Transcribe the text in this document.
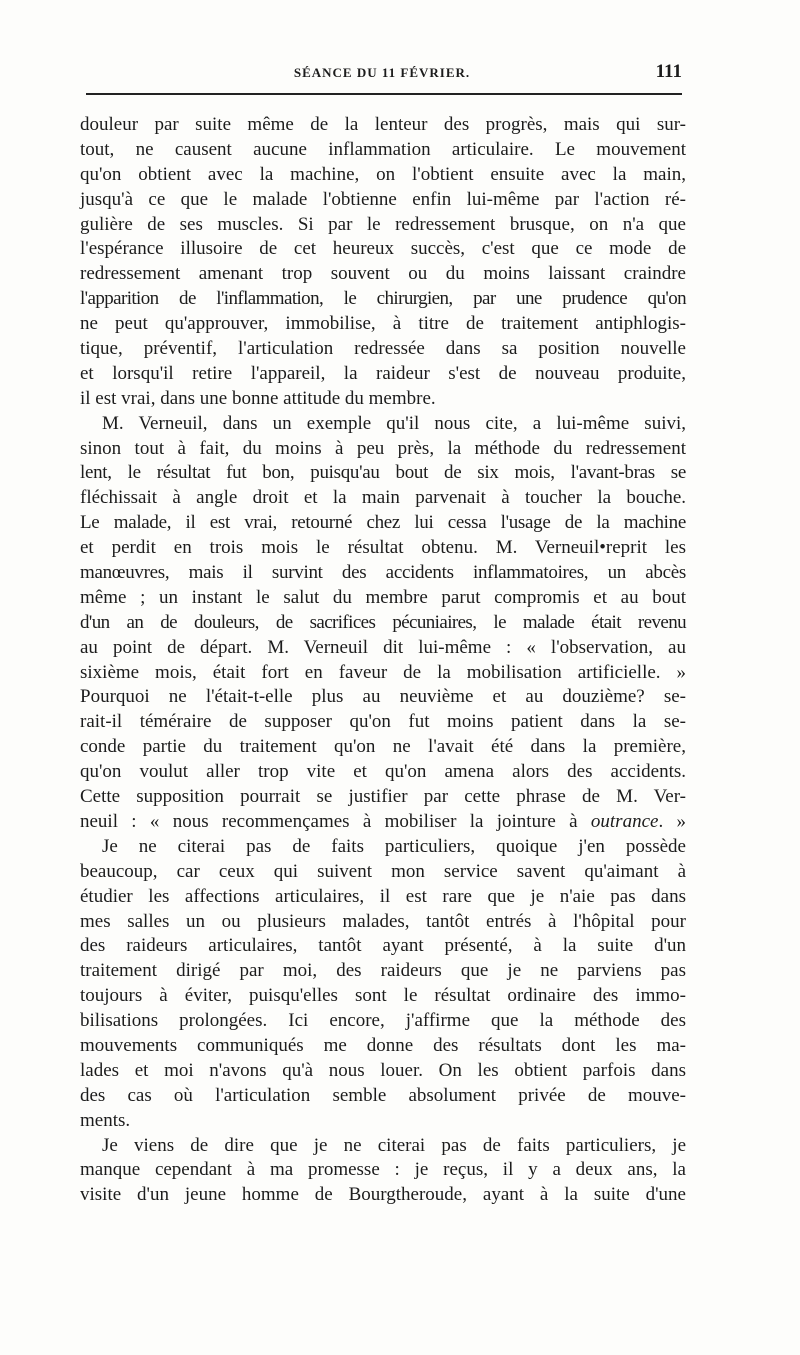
SÉANCE DU 11 FÉVRIER.	111
douleur par suite même de la lenteur des progrès, mais qui sur-
tout, ne causent aucune inflammation articulaire. Le mouvement
qu'on obtient avec la machine, on l'obtient ensuite avec la main,
jusqu'à ce que le malade l'obtienne enfin lui-même par l'action ré-
gulière de ses muscles. Si par le redressement brusque, on n'a que
l'espérance illusoire de cet heureux succès, c'est que ce mode de
redressement amenant trop souvent ou du moins laissant craindre
l'apparition de l'inflammation, le chirurgien, par une prudence qu'on
ne peut qu'approuver, immobilise, à titre de traitement antiphlogis-
tique, préventif, l'articulation redressée dans sa position nouvelle
et lorsqu'il retire l'appareil, la raideur s'est de nouveau produite,
il est vrai, dans une bonne attitude du membre.
M. Verneuil, dans un exemple qu'il nous cite, a lui-même suivi,
sinon tout à fait, du moins à peu près, la méthode du redressement
lent, le résultat fut bon, puisqu'au bout de six mois, l'avant-bras se
fléchissait à angle droit et la main parvenait à toucher la bouche.
Le malade, il est vrai, retourné chez lui cessa l'usage de la machine
et perdit en trois mois le résultat obtenu. M. Verneuil•reprit les
manœuvres, mais il survint des accidents inflammatoires, un abcès
même ; un instant le salut du membre parut compromis et au bout
d'un an de douleurs, de sacrifices pécuniaires, le malade était revenu
au point de départ. M. Verneuil dit lui-même : « l'observation, au
sixième mois, était fort en faveur de la mobilisation artificielle. »
Pourquoi ne l'était-t-elle plus au neuvième et au douzième? se-
rait-il téméraire de supposer qu'on fut moins patient dans la se-
conde partie du traitement qu'on ne l'avait été dans la première,
qu'on voulut aller trop vite et qu'on amena alors des accidents.
Cette supposition pourrait se justifier par cette phrase de M. Ver-
neuil : « nous recommençames à mobiliser la jointure à outrance. »
Je ne citerai pas de faits particuliers, quoique j'en possède
beaucoup, car ceux qui suivent mon service savent qu'aimant à
étudier les affections articulaires, il est rare que je n'aie pas dans
mes salles un ou plusieurs malades, tantôt entrés à l'hôpital pour
des raideurs articulaires, tantôt ayant présenté, à la suite d'un
traitement dirigé par moi, des raideurs que je ne parviens pas
toujours à éviter, puisqu'elles sont le résultat ordinaire des immo-
bilisations prolongées. Ici encore, j'affirme que la méthode des
mouvements communiqués me donne des résultats dont les ma-
lades et moi n'avons qu'à nous louer. On les obtient parfois dans
des cas où l'articulation semble absolument privée de mouve-
ments.
Je viens de dire que je ne citerai pas de faits particuliers, je
manque cependant à ma promesse : je reçus, il y a deux ans, la
visite d'un jeune homme de Bourgtheroude, ayant à la suite d'une
